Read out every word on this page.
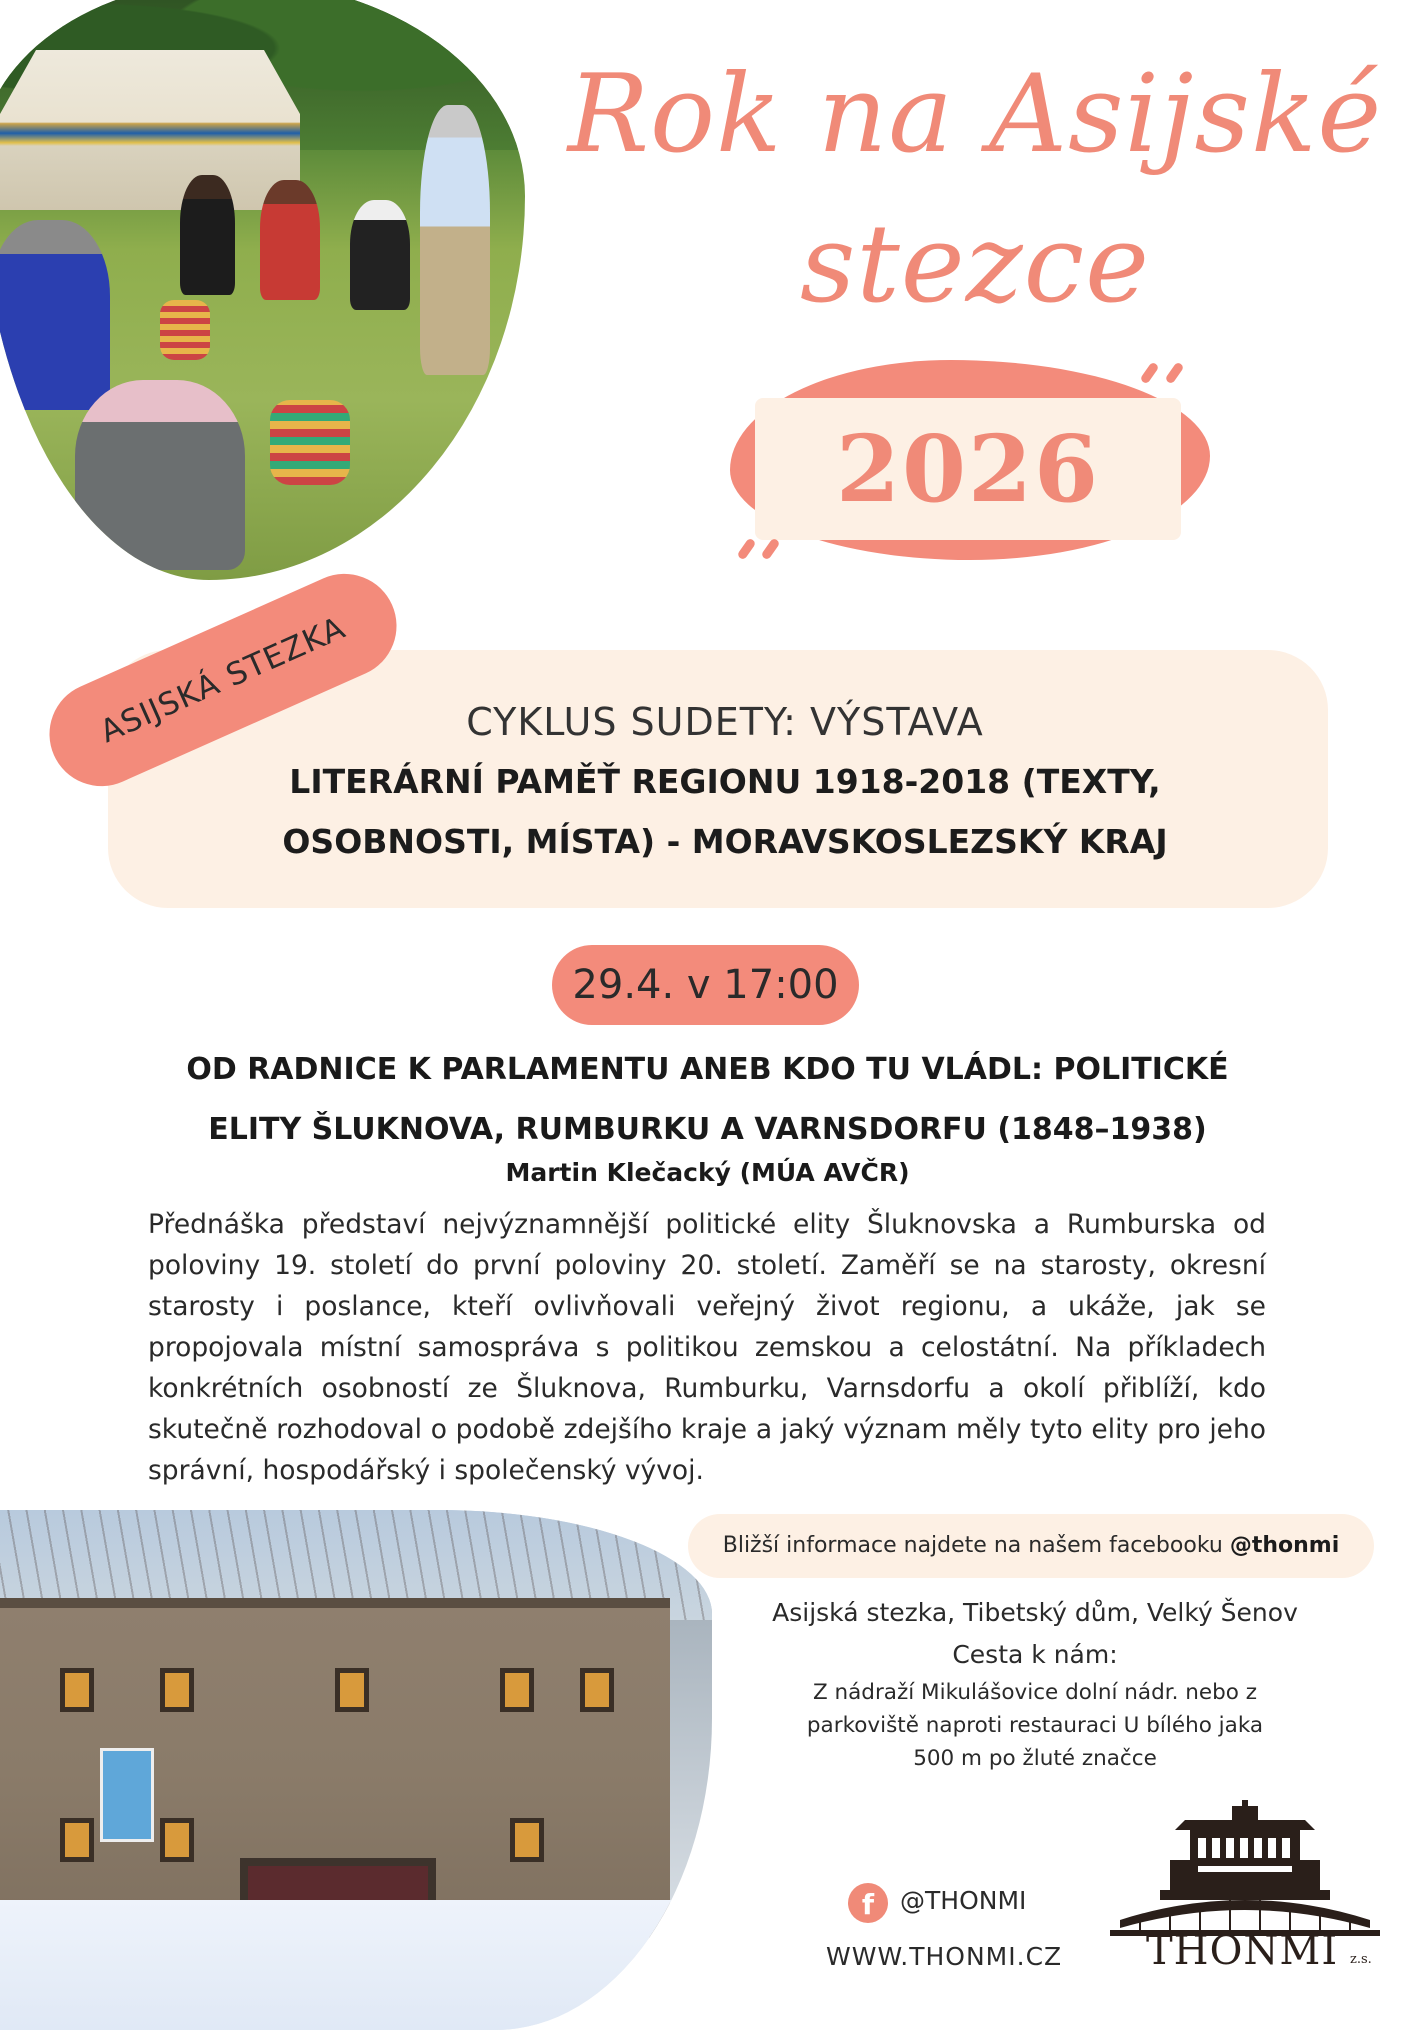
Rok na Asijské
stezce
2026
ASIJSKÁ STEZKA	CYKLUS SUDETY: VÝSTAVA
LITERÁRNÍ PAMĚŤ REGIONU 1918-2018 (TEXTY,
OSOBNOSTI, MÍSTA) - MORAVSKOSLEZSKÝ KRAJ
29.4. v 17:00
OD RADNICE K PARLAMENTU ANEB KDO TU VLÁDL: POLITICKÉ
ELITY ŠLUKNOVA, RUMBURKU A VARNSDORFU (1848–1938)
Martin Klečacký (MÚA AVČR)
Přednáška představí nejvýznamnější politické elity Šluknovska a Rumburska od poloviny 19. století do první poloviny 20. století. Zaměří se na starosty, okresní starosty i poslance, kteří ovlivňovali veřejný život regionu, a ukáže, jak se propojovala místní samospráva s politikou zemskou a celostátní. Na příkladech konkrétních osobností ze Šluknova, Rumburku, Varnsdorfu a okolí přiblíží, kdo skutečně rozhodoval o podobě zdejšího kraje a jaký význam měly tyto elity pro jeho správní, hospodářský i společenský vývoj.
Bližší informace najdete na našem facebooku @thonmi
Asijská stezka, Tibetský dům, Velký Šenov
Cesta k nám:
Z nádraží Mikulášovice dolní nádr. nebo z
parkoviště naproti restauraci U bílého jaka
500 m po žluté značce
f	@THONMI
WWW.THONMI.CZ THONMI z.s.
